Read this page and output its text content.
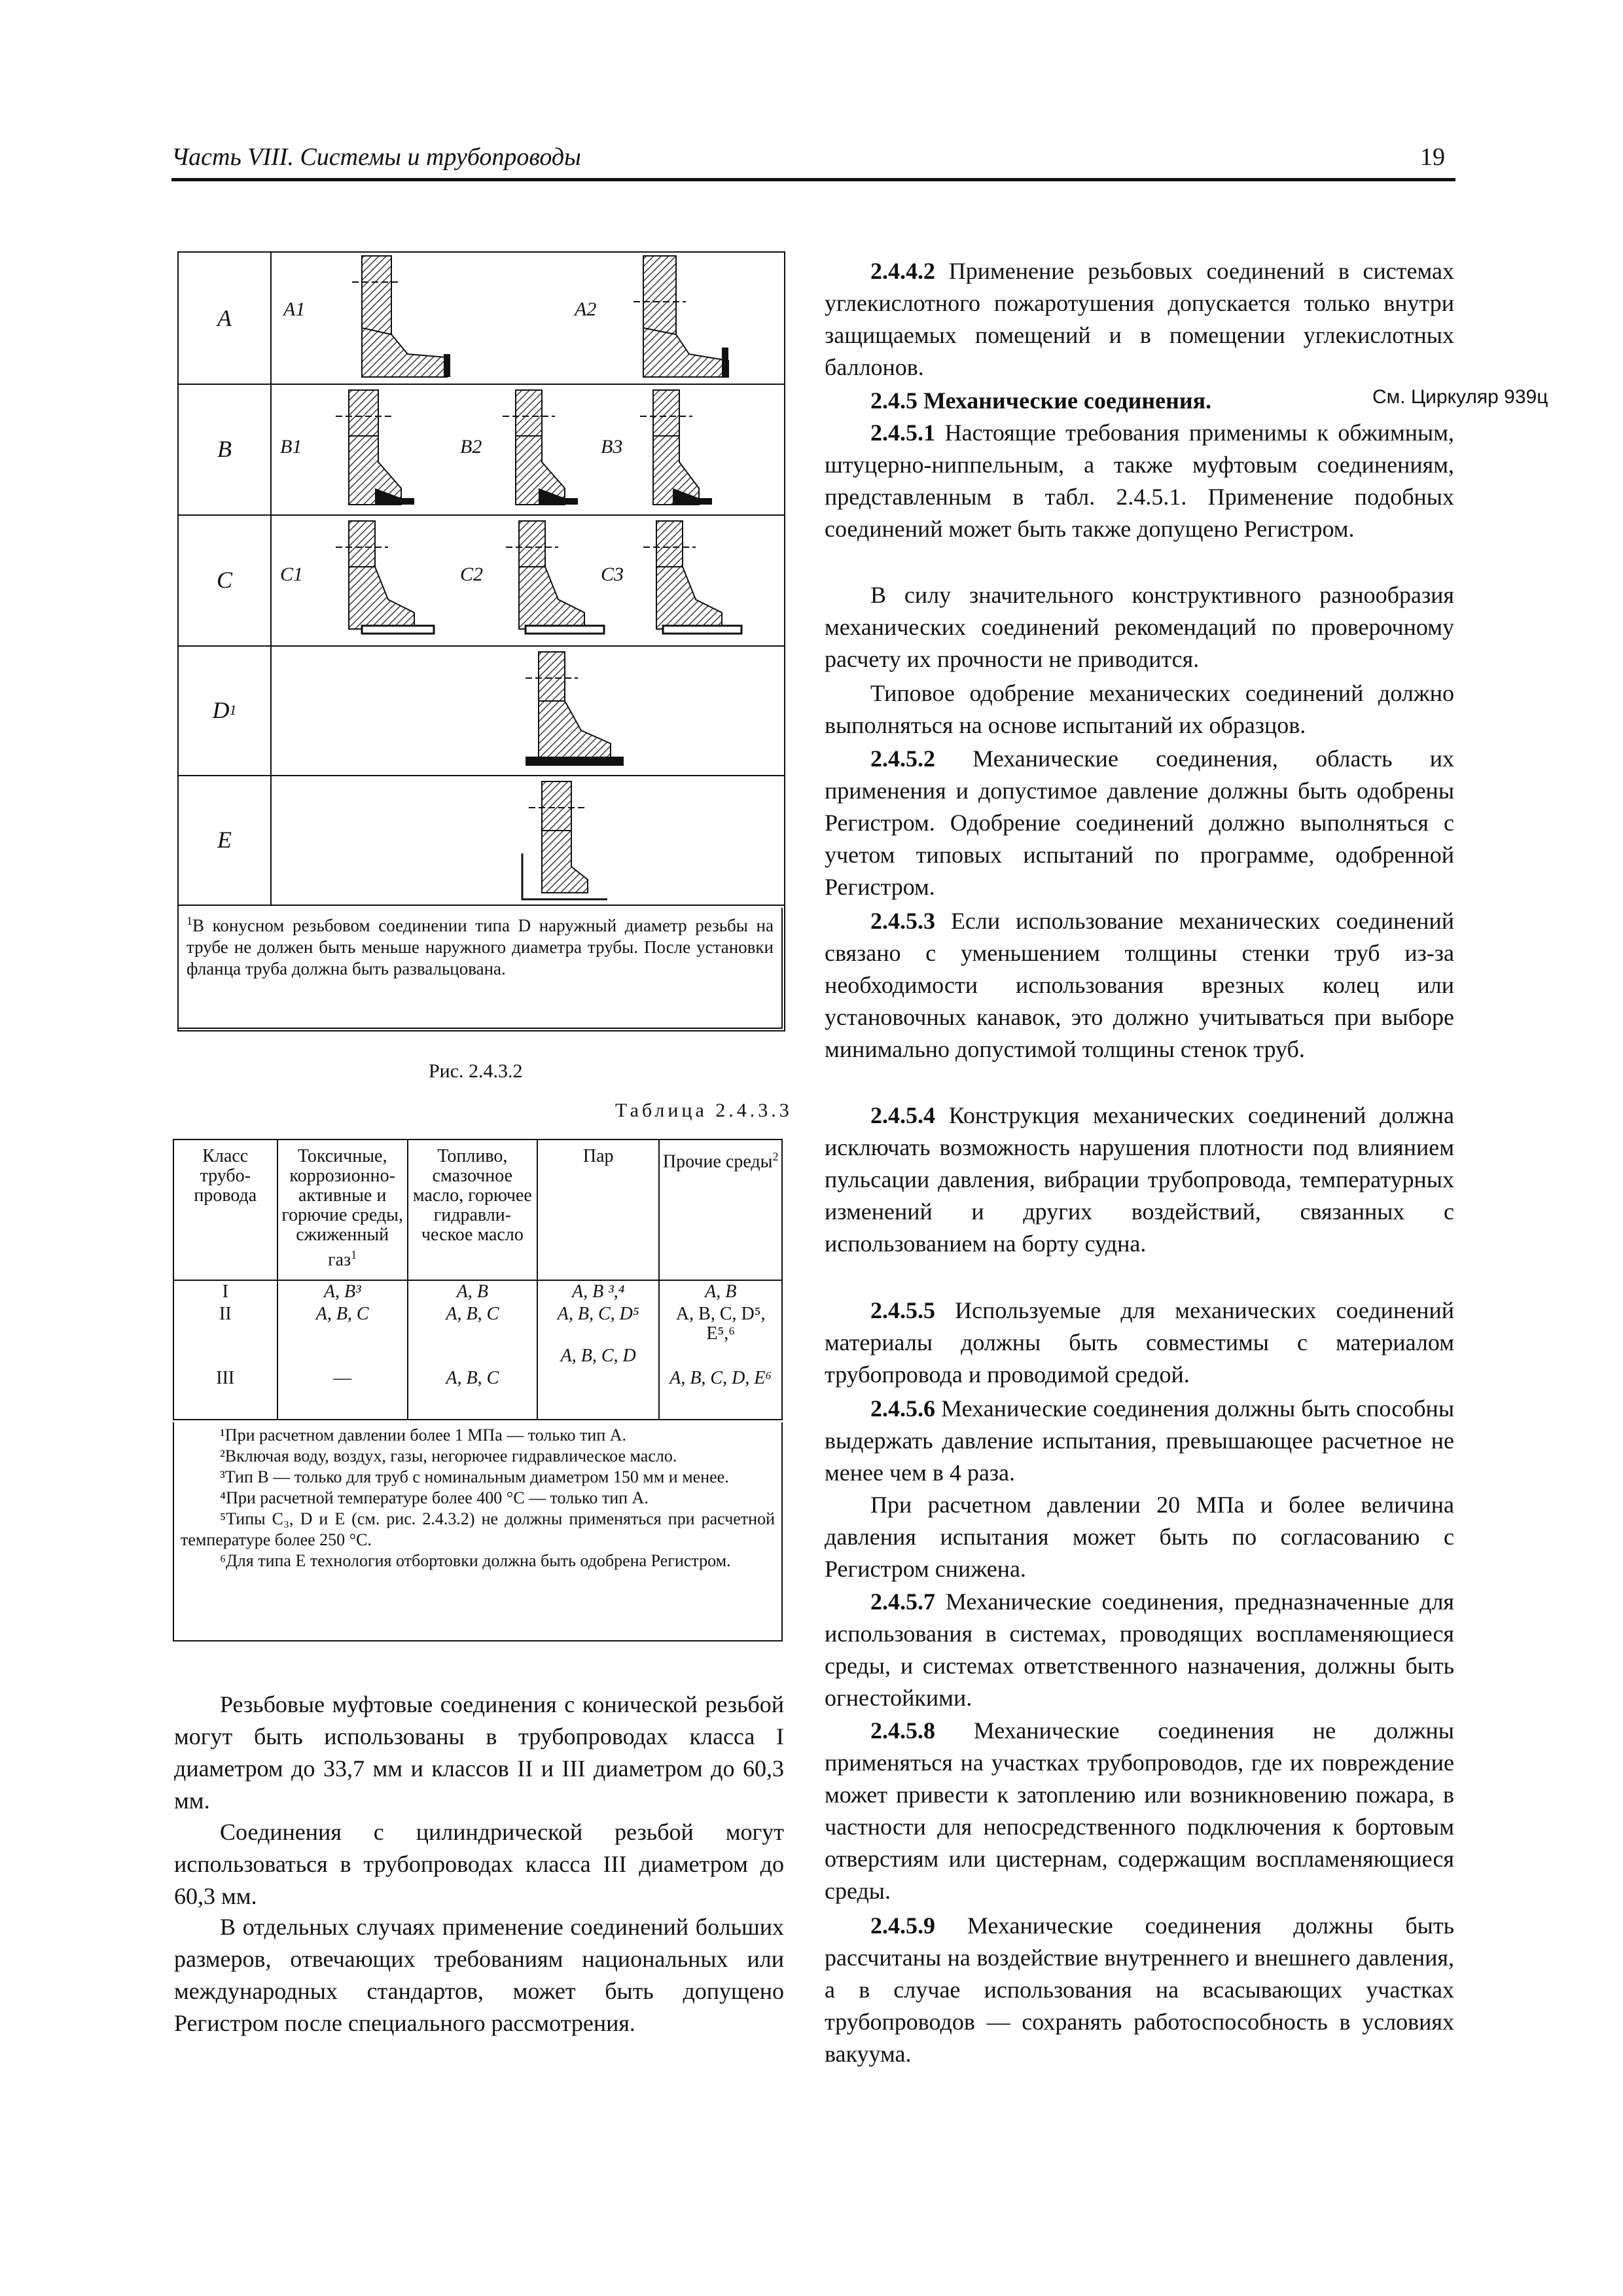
Часть VIII. Системы и трубопроводы	19
A	A1	A2
B	B1	B2	B3
C	C1	C2	C3
D 1
E
$^1$В конусном резьбовом соединении типа D наружный диаметр резьбы на трубе не должен быть меньше наружного диаметра трубы. После установки фланца труба должна быть развальцована.
Рис. 2.4.3.2
Таблица 2.4.3.3
Класс трубо-провода	Токсичные, коррозионно-активные и горючие среды, сжиженный газ$^1$	Топливо, смазочное масло, горючее гидравли-ческое масло	Пар	Прочие среды$^2$
I	A, B³	A, B	A, B ³,⁴	A, B
II	A, B, C	A, B, C	A, B, C, D⁵	A, B, C, D⁵, E⁵,⁶
			A, B, C, D	
III	—	A, B, C		A, B, C, D, E⁶
¹При расчетном давлении более 1 МПа — только тип A.
²Включая воду, воздух, газы, негорючее гидравлическое масло.
³Тип B — только для труб с номинальным диаметром 150 мм и менее.
⁴При расчетной температуре более 400 °C — только тип A.
⁵Типы C₃, D и E (см. рис. 2.4.3.2) не должны применяться при расчетной температуре более 250 °C.
⁶Для типа E технология отбортовки должна быть одобрена Регистром.
Резьбовые муфтовые соединения с конической резьбой могут быть использованы в трубопроводах класса I диаметром до 33,7 мм и классов II и III диаметром до 60,3 мм.
Соединения с цилиндрической резьбой могут использоваться в трубопроводах класса III диаметром до 60,3 мм.
В отдельных случаях применение соединений больших размеров, отвечающих требованиям национальных или международных стандартов, может быть допущено Регистром после специального рассмотрения.
См. Циркуляр 939ц
2.4.4.2 Применение резьбовых соединений в системах углекислотного пожаротушения допускается только внутри защищаемых помещений и в помещении углекислотных баллонов.
2.4.5 Механические соединения.
2.4.5.1 Настоящие требования применимы к обжимным, штуцерно-ниппельным, а также муфтовым соединениям, представленным в табл. 2.4.5.1. Применение подобных соединений может быть также допущено Регистром.
В силу значительного конструктивного разнообразия механических соединений рекомендаций по проверочному расчету их прочности не приводится.
Типовое одобрение механических соединений должно выполняться на основе испытаний их образцов.
2.4.5.2 Механические соединения, область их применения и допустимое давление должны быть одобрены Регистром. Одобрение соединений должно выполняться с учетом типовых испытаний по программе, одобренной Регистром.
2.4.5.3 Если использование механических соединений связано с уменьшением толщины стенки труб из-за необходимости использования врезных колец или установочных канавок, это должно учитываться при выборе минимально допустимой толщины стенок труб.
2.4.5.4 Конструкция механических соединений должна исключать возможность нарушения плотности под влиянием пульсации давления, вибрации трубопровода, температурных изменений и других воздействий, связанных с использованием на борту судна.
2.4.5.5 Используемые для механических соединений материалы должны быть совместимы с материалом трубопровода и проводимой средой.
2.4.5.6 Механические соединения должны быть способны выдержать давление испытания, превышающее расчетное не менее чем в 4 раза.
При расчетном давлении 20 МПа и более величина давления испытания может быть по согласованию с Регистром снижена.
2.4.5.7 Механические соединения, предназначенные для использования в системах, проводящих воспламеняющиеся среды, и системах ответственного назначения, должны быть огнестойкими.
2.4.5.8 Механические соединения не должны применяться на участках трубопроводов, где их повреждение может привести к затоплению или возникновению пожара, в частности для непосредственного подключения к бортовым отверстиям или цистернам, содержащим воспламеняющиеся среды.
2.4.5.9 Механические соединения должны быть рассчитаны на воздействие внутреннего и внешнего давления, а в случае использования на всасывающих участках трубопроводов — сохранять работоспособность в условиях вакуума.
